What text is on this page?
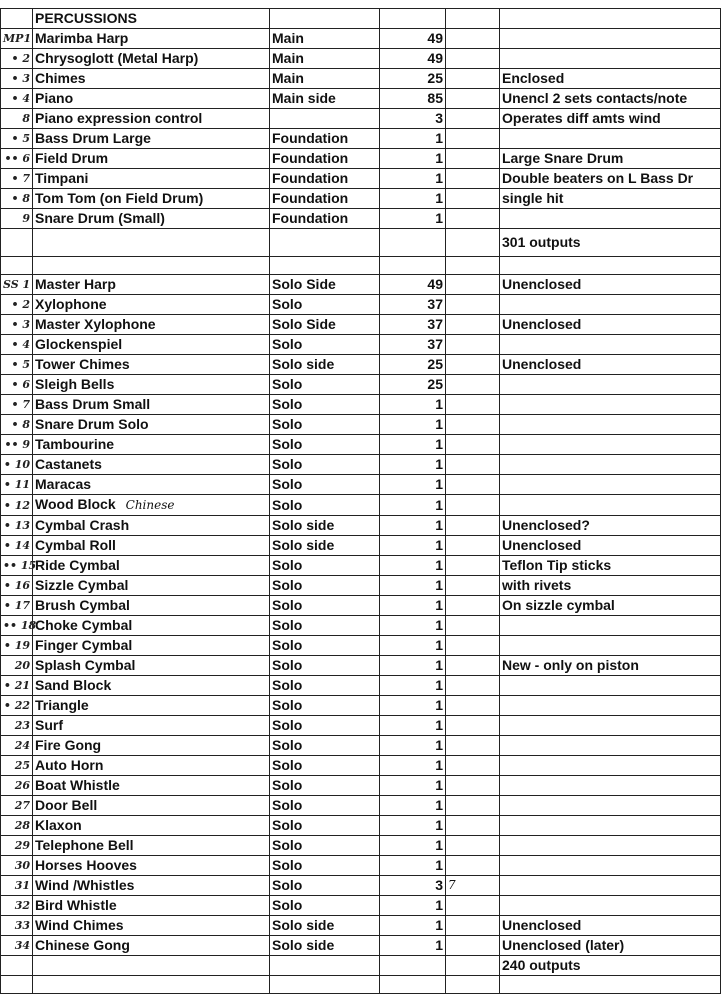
	PERCUSSIONS				
MP1	Marimba Harp	Main	49		
• 2	Chrysoglott (Metal Harp)	Main	49		
• 3	Chimes	Main	25		Enclosed
• 4	Piano	Main side	85		Unencl 2 sets contacts/note
8	Piano expression control		3		Operates diff amts wind
• 5	Bass Drum Large	Foundation	1		
•• 6	Field Drum	Foundation	1		Large Snare Drum
• 7	Timpani	Foundation	1		Double beaters on L Bass Dr
• 8	Tom Tom (on Field Drum)	Foundation	1		single hit
9	Snare Drum (Small)	Foundation	1		
					301 outputs

SS 1	Master Harp	Solo Side	49		Unenclosed
• 2	Xylophone	Solo	37		
• 3	Master Xylophone	Solo Side	37		Unenclosed
• 4	Glockenspiel	Solo	37		
• 5	Tower Chimes	Solo side	25		Unenclosed
• 6	Sleigh Bells	Solo	25		
• 7	Bass Drum Small	Solo	1		
• 8	Snare Drum Solo	Solo	1		
•• 9	Tambourine	Solo	1		
• 10	Castanets	Solo	1		
• 11	Maracas	Solo	1		
• 12	Wood Block Chinese	Solo	1		
• 13	Cymbal Crash	Solo side	1		Unenclosed?
• 14	Cymbal Roll	Solo side	1		Unenclosed
•• 15	Ride Cymbal	Solo	1		Teflon Tip sticks
• 16	Sizzle Cymbal	Solo	1		with rivets
• 17	Brush Cymbal	Solo	1		On sizzle cymbal
•• 18	Choke Cymbal	Solo	1		
• 19	Finger Cymbal	Solo	1		
20	Splash Cymbal	Solo	1		New - only on piston
• 21	Sand Block	Solo	1		
• 22	Triangle	Solo	1		
23	Surf	Solo	1		
24	Fire Gong	Solo	1		
25	Auto Horn	Solo	1		
26	Boat Whistle	Solo	1		
27	Door Bell	Solo	1		
28	Klaxon	Solo	1		
29	Telephone Bell	Solo	1		
30	Horses Hooves	Solo	1		
31	Wind /Whistles	Solo	3	7	
32	Bird Whistle	Solo	1		
33	Wind Chimes	Solo side	1		Unenclosed
34	Chinese Gong	Solo side	1		Unenclosed (later)
					240 outputs
